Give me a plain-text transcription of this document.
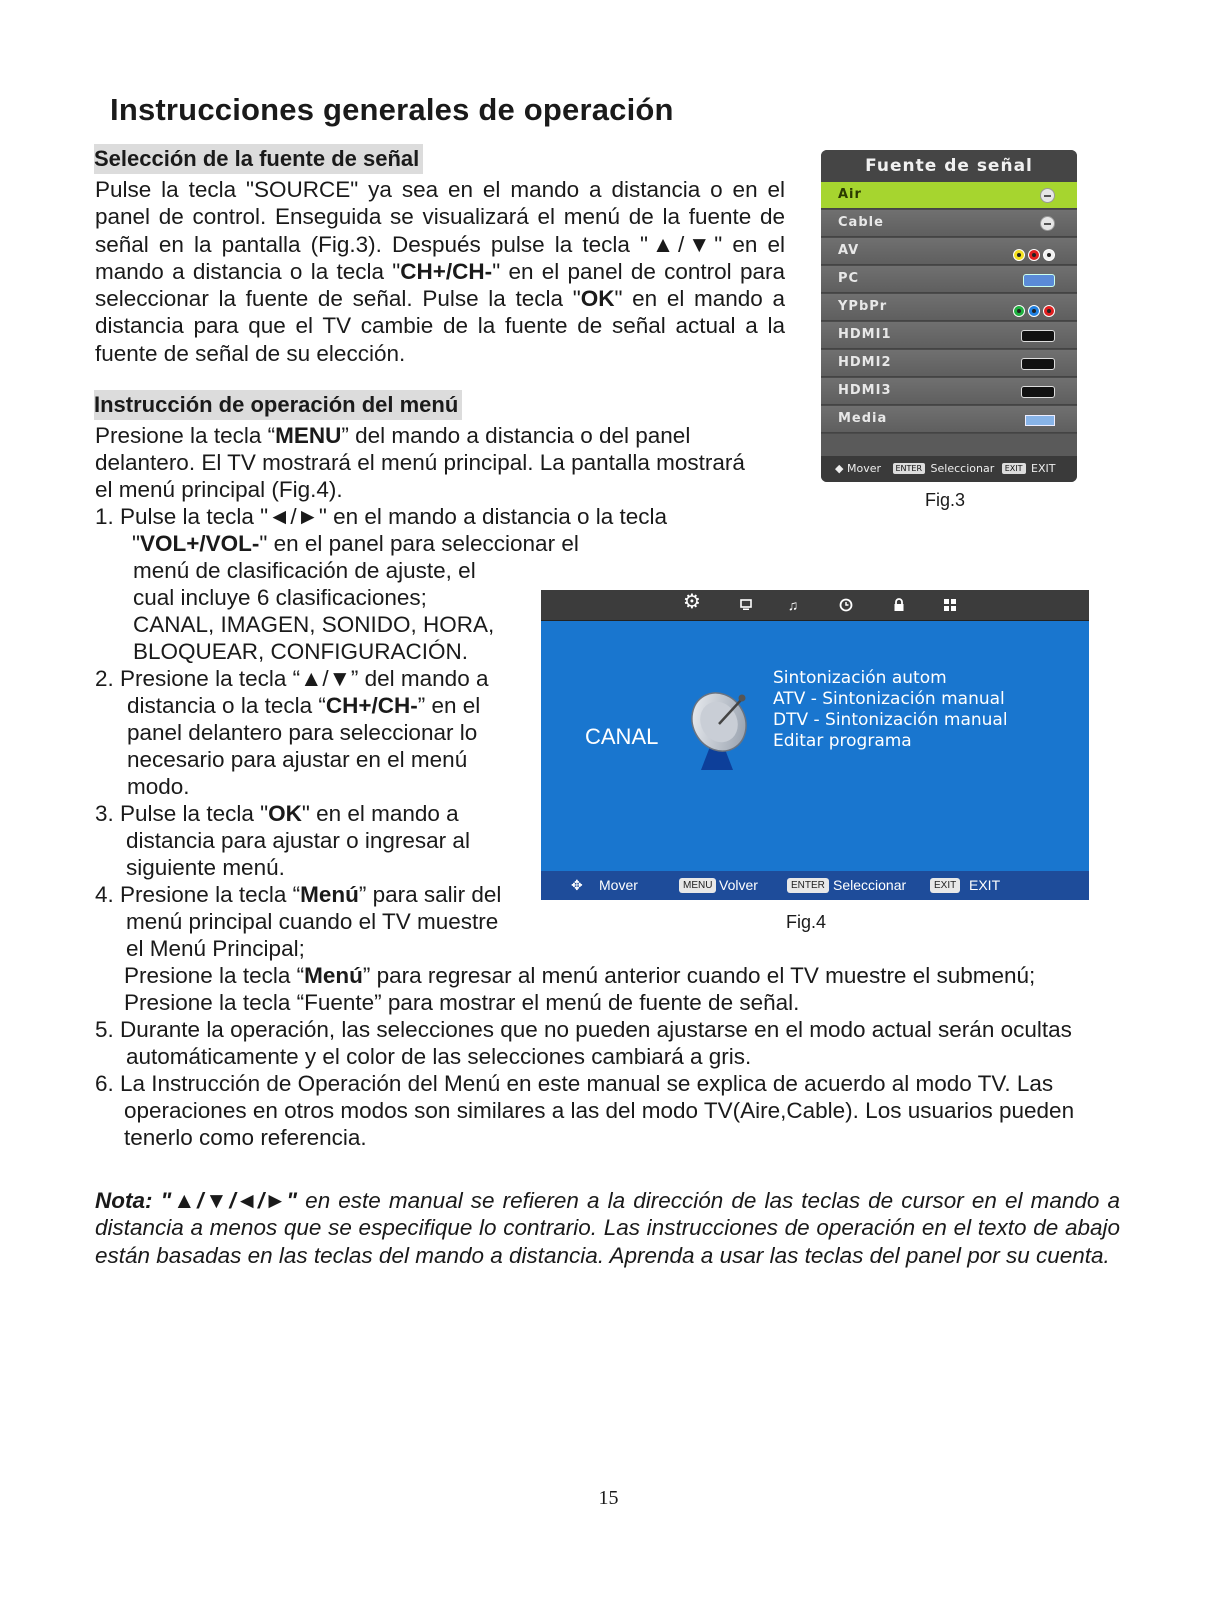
Instrucciones generales de operación
Selección de la fuente de señal

Pulse la tecla "SOURCE" ya sea en el mando a distancia o en el panel de control. Enseguida se visualizará el menú de la fuente de señal en la pantalla (Fig.3). Después pulse la tecla "▲/▼" en el mando a distancia o la tecla "CH+/CH-" en el panel de control para seleccionar la fuente de señal. Pulse la tecla "OK" en el mando a distancia para que el TV cambie de la fuente de señal actual a la fuente de señal de su elección.

Instrucción de operación del menú
Presione la tecla “MENU” del mando a distancia o del panel
delantero. El TV mostrará el menú principal. La pantalla mostrará
el menú principal (Fig.4).
1. Pulse la tecla "◄/►" en el mando a distancia o la tecla
"VOL+/VOL-" en el panel para seleccionar el
menú de clasificación de ajuste, el
cual incluye 6 clasificaciones;
CANAL, IMAGEN, SONIDO, HORA,
BLOQUEAR, CONFIGURACIÓN.
2. Presione la tecla “▲/▼” del mando a
distancia o la tecla “CH+/CH-” en el
panel delantero para seleccionar lo
necesario para ajustar en el menú
modo.
3. Pulse la tecla "OK" en el mando a
distancia para ajustar o ingresar al
siguiente menú.
4. Presione la tecla “Menú” para salir del
menú principal cuando el TV muestre
el Menú Principal;
Presione la tecla “Menú” para regresar al menú anterior cuando el TV muestre el submenú;
Presione la tecla “Fuente” para mostrar el menú de fuente de señal.
5. Durante la operación, las selecciones que no pueden ajustarse en el modo actual serán ocultas
automáticamente y el color de las selecciones cambiará a gris.
6. La Instrucción de Operación del Menú en este manual se explica de acuerdo al modo TV. Las
operaciones en otros modos son similares a las del modo TV(Aire,Cable). Los usuarios pueden
tenerlo como referencia.

Nota: "▲/▼/◄/►" en este manual se refieren a la dirección de las teclas de cursor en el mando a distancia a menos que se especifique lo contrario. Las instrucciones de operación en el texto de abajo están basadas en las teclas del mando a distancia. Aprenda a usar las teclas del panel por su cuenta.

Fuente de señal
Air
Cable
AV
PC
YPbPr
HDMI1
HDMI2
HDMI3
Media
◆ Mover ENTER Seleccionar EXIT EXIT
Fig.3
⚙	♫
CANAL
Sintonización autom
ATV - Sintonización manual
DTV - Sintonización manual
Editar programa
✥ Mover	MENU Volver	ENTER Seleccionar	EXIT EXIT
Fig.4
15
